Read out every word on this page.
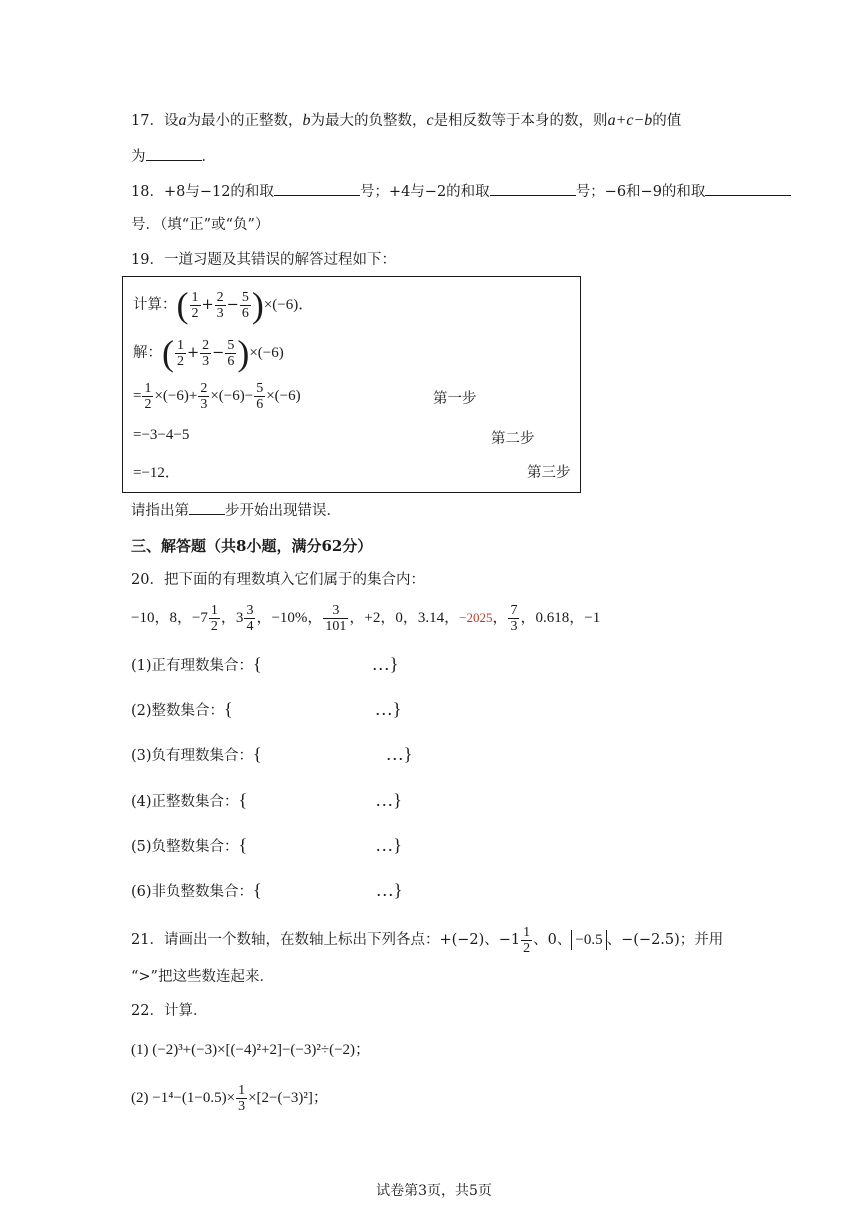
17．设a为最小的正整数，b为最大的负整数，c是相反数等于本身的数，则a+c−b的值
为	．
18．+8与−12的和取	号；+4与−2的和取	号；−6和−9的和取
号．（填“正”或“负”）
19．一道习题及其错误的解答过程如下：
计算：( $\frac{1}{2} + \frac{2}{3} - \frac{5}{6} )\times(-6)$．
解：( $\frac{1}{2} + \frac{2}{3} - \frac{5}{6} )\times(-6)$
= $\frac{1}{2} \times(-6)+ \frac{2}{3} \times(-6)- \frac{5}{6} \times(-6)$	第一步
=−3−4−5	第二步
=−12．	第三步
请指出第 步开始出现错误．
三、解答题（共8小题，满分62分）
20．把下面的有理数填入它们属于的集合内：
−10，8，$-7 \frac{1}{2}$ ，$3 \frac{3}{4}$ ，−10%， $\frac{3}{101}$ ，+2，0，3.14，−2025， $\frac{7}{3}$ ，0.618，−1
(1)正有理数集合：{	…}
(2)整数集合：{	…}
(3)负有理数集合：{	…}
(4)正整数集合：{	…}
(5)负整数集合：{	…}
(6)非负整数集合：{	…}
21．请画出一个数轴，在数轴上标出下列各点：+(−2)、$-1 \frac{1}{2}$ 、0、 −0.5 、−(−2.5)；并用
“>”把这些数连起来．
22．计算．
(1) (−2)³+(−3)×[(−4)²+2]−(−3)²÷(−2)；
$(2) -1^4-(1-0.5)\times \frac{1}{3} \times[2-(-3)^2]$；
试卷第3页，共5页
